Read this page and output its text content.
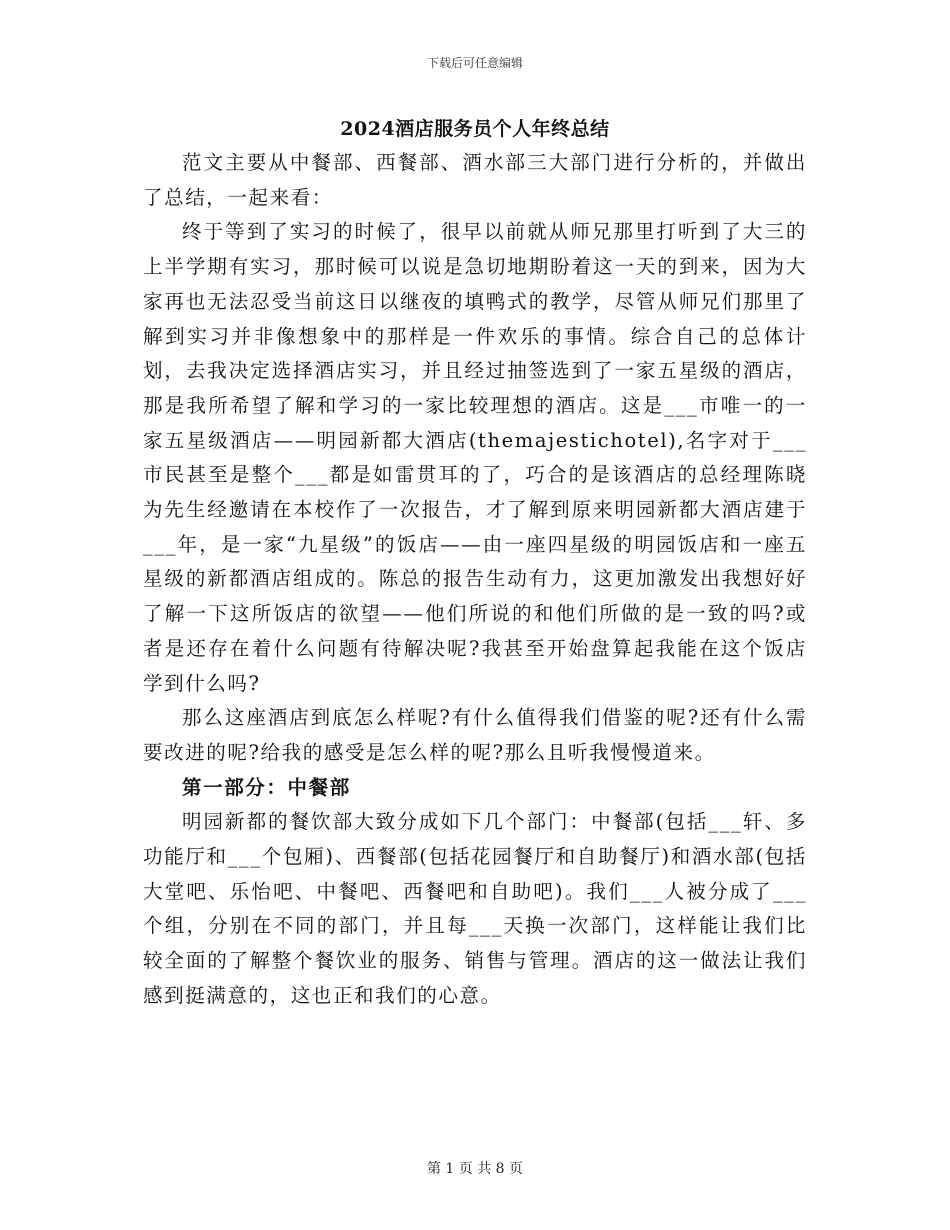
下载后可任意编辑
2024酒店服务员个人年终总结

范文主要从中餐部、西餐部、酒水部三大部门进行分析的，并做出了总结，一起来看：

终于等到了实习的时候了，很早以前就从师兄那里打听到了大三的上半学期有实习，那时候可以说是急切地期盼着这一天的到来，因为大家再也无法忍受当前这日以继夜的填鸭式的教学，尽管从师兄们那里了解到实习并非像想象中的那样是一件欢乐的事情。综合自己的总体计划，去我决定选择酒店实习，并且经过抽签选到了一家五星级的酒店，那是我所希望了解和学习的一家比较理想的酒店。这是___市唯一的一家五星级酒店——明园新都大酒店(themajestichotel),名字对于___市民甚至是整个___都是如雷贯耳的了，巧合的是该酒店的总经理陈晓为先生经邀请在本校作了一次报告，才了解到原来明园新都大酒店建于___年，是一家“九星级”的饭店——由一座四星级的明园饭店和一座五星级的新都酒店组成的。陈总的报告生动有力，这更加激发出我想好好了解一下这所饭店的欲望——他们所说的和他们所做的是一致的吗?或者是还存在着什么问题有待解决呢?我甚至开始盘算起我能在这个饭店学到什么吗?

那么这座酒店到底怎么样呢?有什么值得我们借鉴的呢?还有什么需要改进的呢?给我的感受是怎么样的呢?那么且听我慢慢道来。

第一部分：中餐部

明园新都的餐饮部大致分成如下几个部门：中餐部(包括___轩、多功能厅和___个包厢)、西餐部(包括花园餐厅和自助餐厅)和酒水部(包括大堂吧、乐怡吧、中餐吧、西餐吧和自助吧)。我们___人被分成了___个组，分别在不同的部门，并且每___天换一次部门，这样能让我们比较全面的了解整个餐饮业的服务、销售与管理。酒店的这一做法让我们感到挺满意的，这也正和我们的心意。

第 1 页 共 8 页
